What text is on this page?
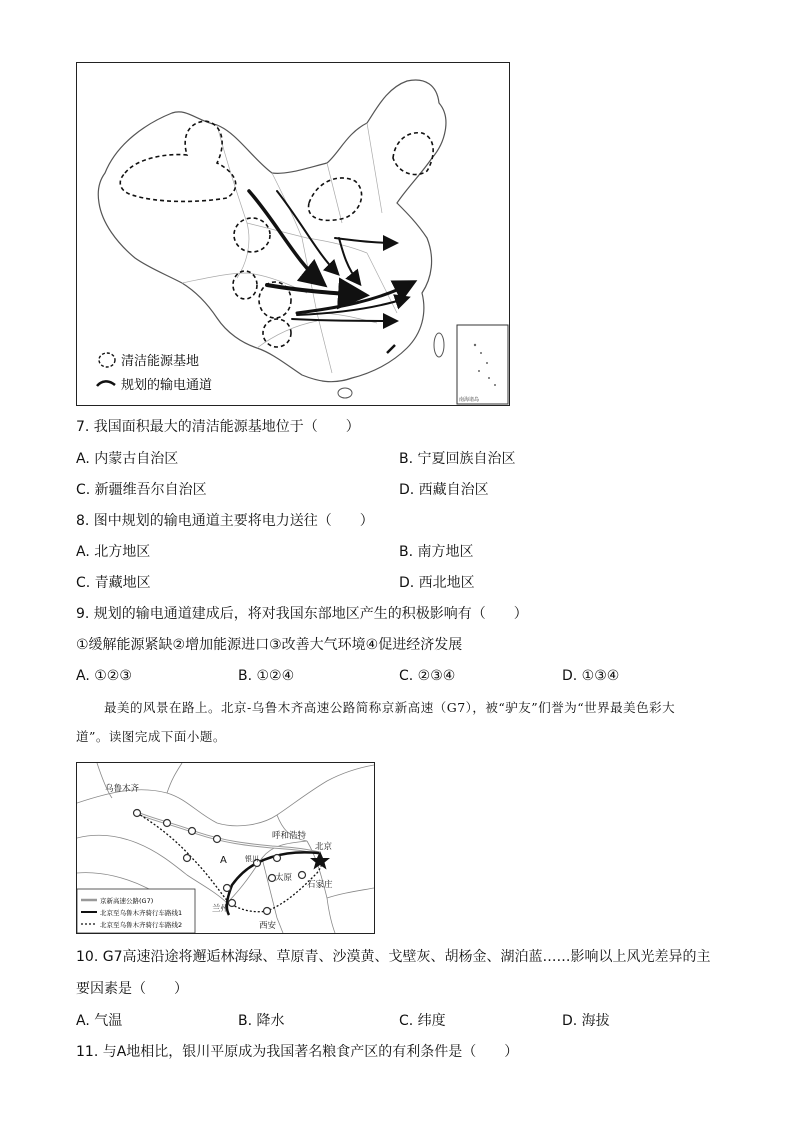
南海诸岛
清洁能源基地
规划的输电通道
7. 我国面积最大的清洁能源基地位于（　　）
A. 内蒙古自治区	B. 宁夏回族自治区
C. 新疆维吾尔自治区	D. 西藏自治区
8. 图中规划的输电通道主要将电力送往（　　）
A. 北方地区	B. 南方地区
C. 青藏地区	D. 西北地区
9. 规划的输电通道建成后，将对我国东部地区产生的积极影响有（　　）
①缓解能源紧缺②增加能源进口③改善大气环境④促进经济发展
A. ①②③	B. ①②④	C. ②③④	D. ①③④
最美的风景在路上。北京-乌鲁木齐高速公路简称京新高速（G7），被“驴友”们誉为“世界最美色彩大
道”。读图完成下面小题。
乌鲁木齐
呼和浩特
北京
A	银川
太原
石家庄
兰州
西安
京新高速公路(G7)
北京至乌鲁木齐骑行车路线1
北京至乌鲁木齐骑行车路线2
10. G7高速沿途将邂逅林海绿、草原青、沙漠黄、戈壁灰、胡杨金、湖泊蓝……影响以上风光差异的主
要因素是（　　）
A. 气温	B. 降水	C. 纬度	D. 海拔
11. 与A地相比，银川平原成为我国著名粮食产区的有利条件是（　　）
